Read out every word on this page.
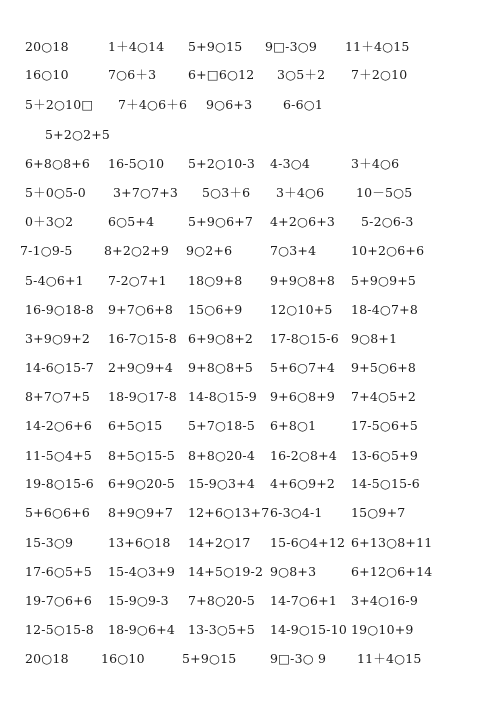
20○18	1＋4○14 5+9○15 9□-3○9 11＋4○15
16○10	7○6＋3	6+□6○12 3○5＋2 7＋2○10
5＋2○10□ 7＋4○6＋6 9○6+3 6-6○1
5+2○2+5
6+8○8+6 16-5○10 5+2○10-3 4-3○4	3＋4○6
5＋0○5-0 3+7○7+3 5○3＋6 3＋4○6	10－5○5
0＋3○2	6○5+4	5+9○6+7 4+2○6+3 5-2○6-3
7-1○9-5	8+2○2+9 9○2+6	7○3+4	10+2○6+6
5-4○6+1 7-2○7+1 18○9+8 9+9○8+8 5+9○9+5
16-9○18-8 9+7○6+8 15○6+9 12○10+5 18-4○7+8
3+9○9+2 16-7○15-8 6+9○8+2 17-8○15-6 9○8+1
14-6○15-7 2+9○9+4 9+8○8+5 5+6○7+4 9+5○6+8
8+7○7+5 18-9○17-8 14-8○15-9 9+6○8+9 7+4○5+2
14-2○6+6 6+5○15 5+7○18-5 6+8○1	17-5○6+5
11-5○4+5 8+5○15-5 8+8○20-4 16-2○8+4 13-6○5+9
19-8○15-6 6+9○20-5 15-9○3+4 4+6○9+2 14-5○15-6
5+6○6+6 8+9○9+7 12+6○13+7 6-3○4-1 15○9+7
15-3○9	13+6○18 14+2○17 15-6○4+12 6+13○8+11
17-6○5+5 15-4○3+9 14+5○19-2 9○8+3	6+12○6+14
19-7○6+6 15-9○9-3 7+8○20-5 14-7○6+1 3+4○16-9
12-5○15-8 18-9○6+4 13-3○5+5 14-9○15-10 19○10+9
20○18	16○10	5+9○15	9□-3○ 9 11＋4○15
